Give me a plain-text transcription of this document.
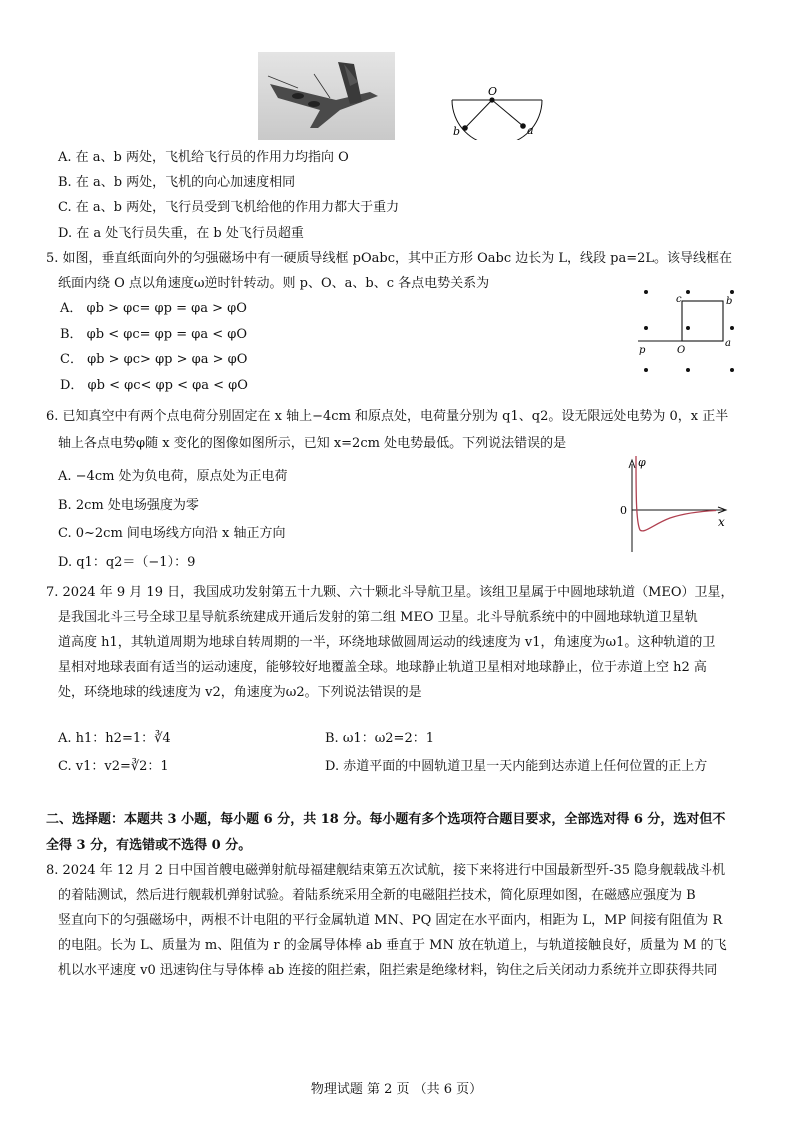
O
b	a
A. 在 a、b 两处，飞机给飞行员的作用力均指向 O
B. 在 a、b 两处，飞机的向心加速度相同
C. 在 a、b 两处，飞行员受到飞机给他的作用力都大于重力
D. 在 a 处飞行员失重，在 b 处飞行员超重
5. 如图，垂直纸面向外的匀强磁场中有一硬质导线框 pOabc，其中正方形 Oabc 边长为 L，线段 pa=2L。该导线框在
纸面内绕 O 点以角速度ω逆时针转动。则 p、O、a、b、c 各点电势关系为
A． φb > φc= φp = φa > φO
B． φb < φc= φp = φa < φO
C． φb > φc> φp > φa > φO
D． φb < φc< φp < φa < φO
c	b
p	O
a
6. 已知真空中有两个点电荷分别固定在 x 轴上−4cm 和原点处，电荷量分别为 q1、q2。设无限远处电势为 0，x 正半
轴上各点电势φ随 x 变化的图像如图所示，已知 x=2cm 处电势最低。下列说法错误的是
A. −4cm 处为负电荷，原点处为正电荷
B. 2cm 处电场强度为零
C. 0~2cm 间电场线方向沿 x 轴正方向
D. q1：q2＝（−1）：9
φ
0
x
7. 2024 年 9 月 19 日，我国成功发射第五十九颗、六十颗北斗导航卫星。该组卫星属于中圆地球轨道（MEO）卫星，
是我国北斗三号全球卫星导航系统建成开通后发射的第二组 MEO 卫星。北斗导航系统中的中圆地球轨道卫星轨
道高度 h1，其轨道周期为地球自转周期的一半，环绕地球做圆周运动的线速度为 v1，角速度为ω1。这种轨道的卫
星相对地球表面有适当的运动速度，能够较好地覆盖全球。地球静止轨道卫星相对地球静止，位于赤道上空 h2 高
处，环绕地球的线速度为 v2，角速度为ω2。下列说法错误的是
A. h1：h2=1：∛4	B. ω1：ω2=2：1
C. v1：v2=∛2：1	D. 赤道平面的中圆轨道卫星一天内能到达赤道上任何位置的正上方
二、选择题：本题共 3 小题，每小题 6 分，共 18 分。每小题有多个选项符合题目要求，全部选对得 6 分，选对但不
全得 3 分，有选错或不选得 0 分。
8. 2024 年 12 月 2 日中国首艘电磁弹射航母福建舰结束第五次试航，接下来将进行中国最新型歼-35 隐身舰载战斗机
的着陆测试，然后进行舰载机弹射试验。着陆系统采用全新的电磁阻拦技术，简化原理如图，在磁感应强度为 B
竖直向下的匀强磁场中，两根不计电阻的平行金属轨道 MN、PQ 固定在水平面内，相距为 L，MP 间接有阻值为 R
的电阻。长为 L、质量为 m、阻值为 r 的金属导体棒 ab 垂直于 MN 放在轨道上，与轨道接触良好，质量为 M 的飞
机以水平速度 v0 迅速钩住与导体棒 ab 连接的阻拦索，阻拦索是绝缘材料，钩住之后关闭动力系统并立即获得共同
物理试题 第 2 页 （共 6 页）
